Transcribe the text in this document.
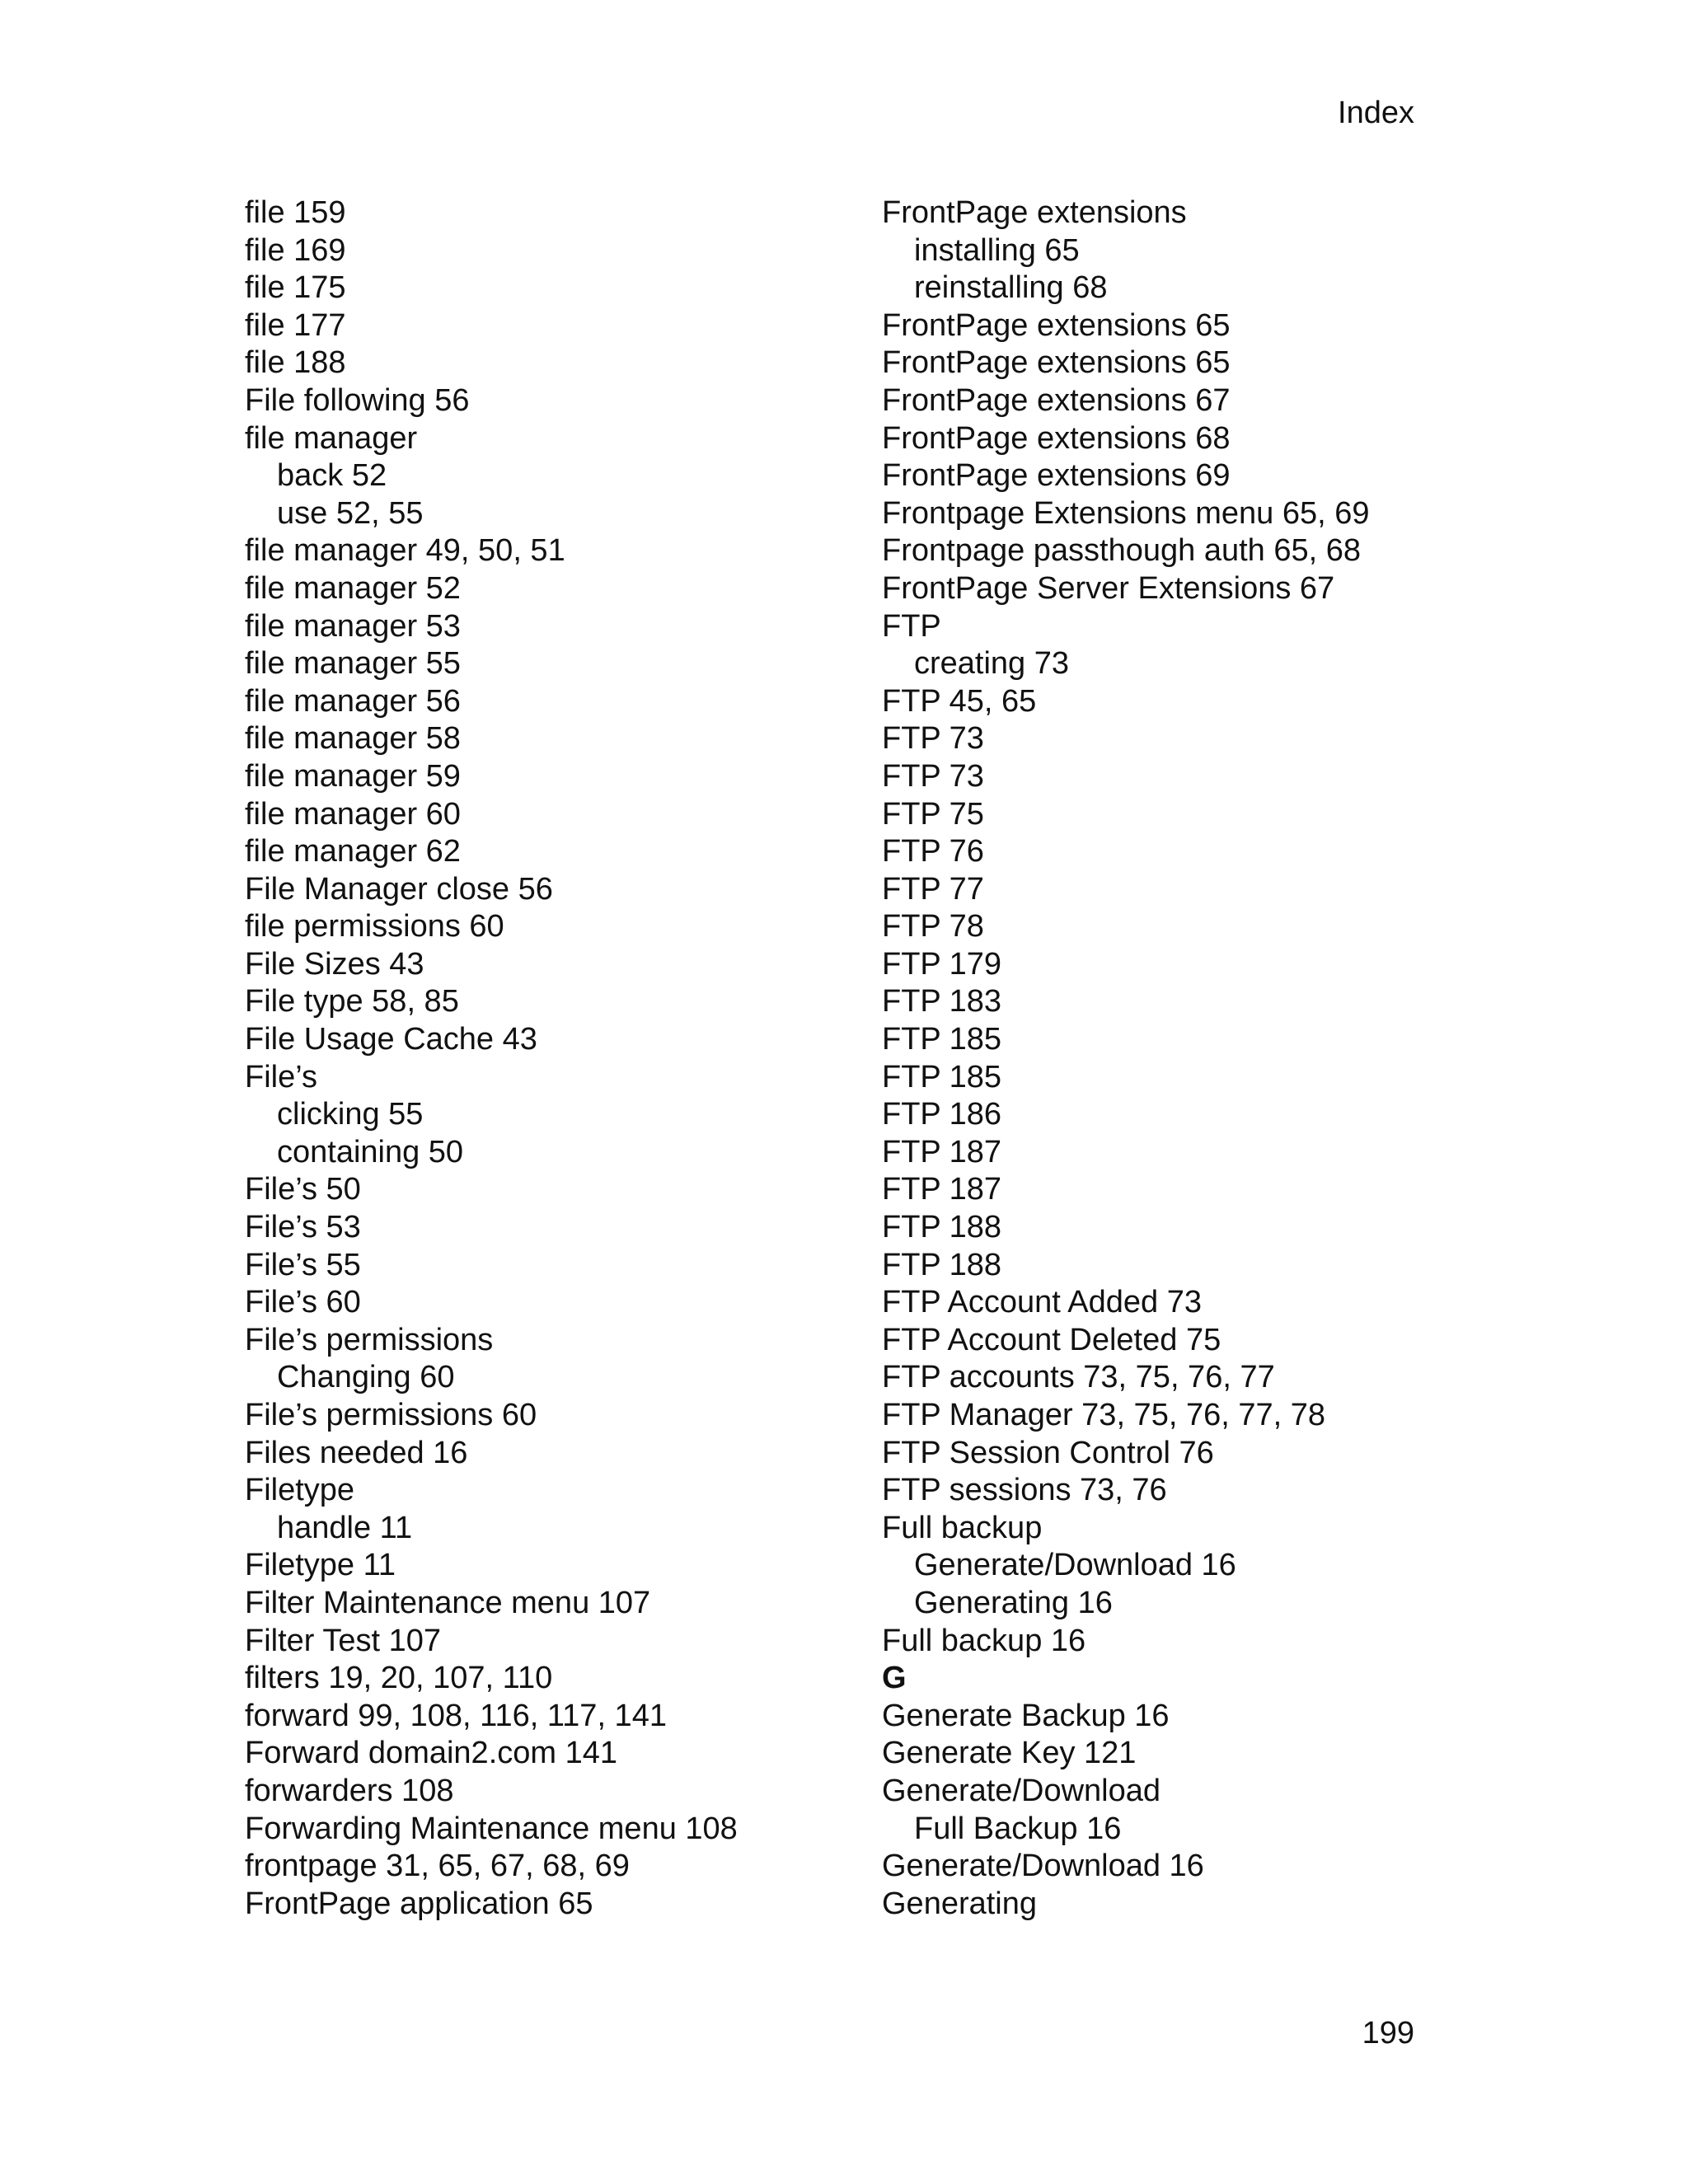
Index
file 159
file 169
file 175
file 177
file 188
File following 56
file manager
back 52
use 52, 55
file manager 49, 50, 51
file manager 52
file manager 53
file manager 55
file manager 56
file manager 58
file manager 59
file manager 60
file manager 62
File Manager close 56
file permissions 60
File Sizes 43
File type 58, 85
File Usage Cache 43
File’s
clicking 55
containing 50
File’s 50
File’s 53
File’s 55
File’s 60
File’s permissions
Changing 60
File’s permissions 60
Files needed 16
Filetype
handle 11
Filetype 11
Filter Maintenance menu 107
Filter Test 107
filters 19, 20, 107, 110
forward 99, 108, 116, 117, 141
Forward domain2.com 141
forwarders 108
Forwarding Maintenance menu 108
frontpage 31, 65, 67, 68, 69
FrontPage application 65
FrontPage extensions
installing 65
reinstalling 68
FrontPage extensions 65
FrontPage extensions 65
FrontPage extensions 67
FrontPage extensions 68
FrontPage extensions 69
Frontpage Extensions menu 65, 69
Frontpage passthough auth 65, 68
FrontPage Server Extensions 67
FTP
creating 73
FTP 45, 65
FTP 73
FTP 73
FTP 75
FTP 76
FTP 77
FTP 78
FTP 179
FTP 183
FTP 185
FTP 185
FTP 186
FTP 187
FTP 187
FTP 188
FTP 188
FTP Account Added 73
FTP Account Deleted 75
FTP accounts 73, 75, 76, 77
FTP Manager 73, 75, 76, 77, 78
FTP Session Control 76
FTP sessions 73, 76
Full backup
Generate/Download 16
Generating 16
Full backup 16
G
Generate Backup 16
Generate Key 121
Generate/Download
Full Backup 16
Generate/Download 16
Generating
199
